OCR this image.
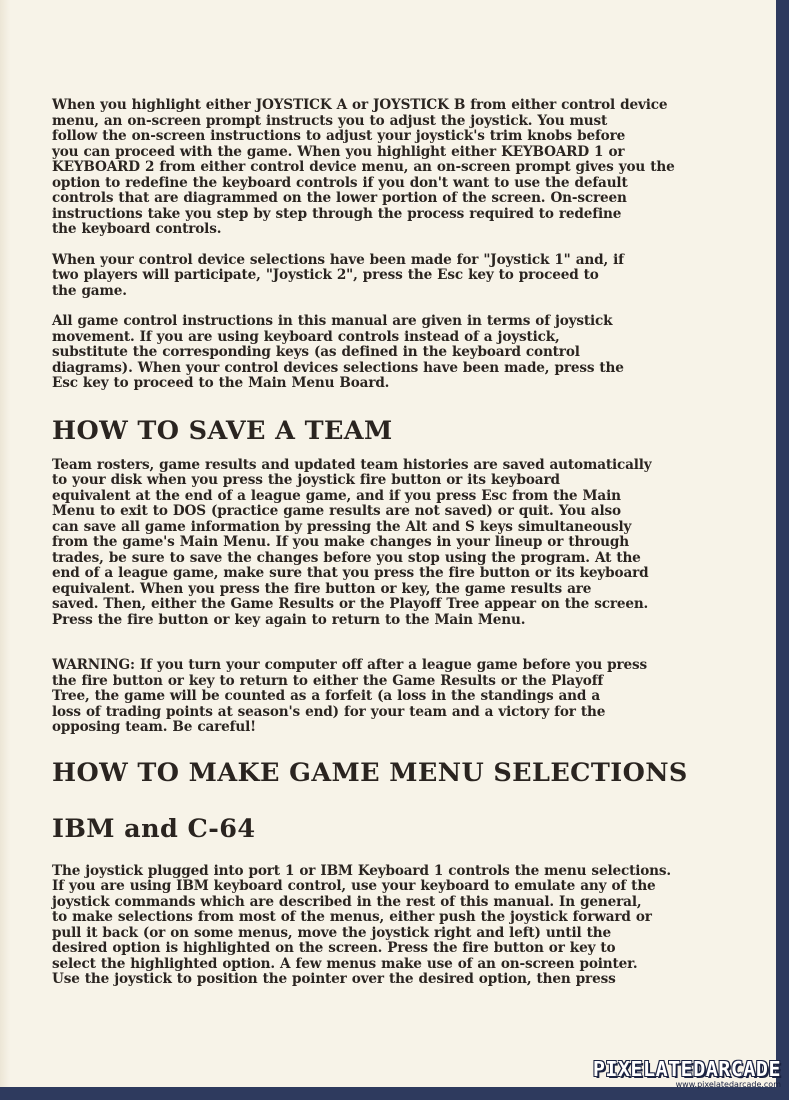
When you highlight either JOYSTICK A or JOYSTICK B from either control device
menu, an on-screen prompt instructs you to adjust the joystick. You must
follow the on-screen instructions to adjust your joystick's trim knobs before
you can proceed with the game. When you highlight either KEYBOARD 1 or
KEYBOARD 2 from either control device menu, an on-screen prompt gives you the
option to redefine the keyboard controls if you don't want to use the default
controls that are diagrammed on the lower portion of the screen. On-screen
instructions take you step by step through the process required to redefine
the keyboard controls.

When your control device selections have been made for "Joystick 1" and, if
two players will participate, "Joystick 2", press the Esc key to proceed to
the game.

All game control instructions in this manual are given in terms of joystick
movement. If you are using keyboard controls instead of a joystick,
substitute the corresponding keys (as defined in the keyboard control
diagrams). When your control devices selections have been made, press the
Esc key to proceed to the Main Menu Board.

HOW TO SAVE A TEAM

Team rosters, game results and updated team histories are saved automatically
to your disk when you press the joystick fire button or its keyboard
equivalent at the end of a league game, and if you press Esc from the Main
Menu to exit to DOS (practice game results are not saved) or quit. You also
can save all game information by pressing the Alt and S keys simultaneously
from the game's Main Menu. If you make changes in your lineup or through
trades, be sure to save the changes before you stop using the program. At the
end of a league game, make sure that you press the fire button or its keyboard
equivalent. When you press the fire button or key, the game results are
saved. Then, either the Game Results or the Playoff Tree appear on the screen.
Press the fire button or key again to return to the Main Menu.

WARNING: If you turn your computer off after a league game before you press
the fire button or key to return to either the Game Results or the Playoff
Tree, the game will be counted as a forfeit (a loss in the standings and a
loss of trading points at season's end) for your team and a victory for the
opposing team. Be careful!

HOW TO MAKE GAME MENU SELECTIONS
IBM and C-64

The joystick plugged into port 1 or IBM Keyboard 1 controls the menu selections.
If you are using IBM keyboard control, use your keyboard to emulate any of the
joystick commands which are described in the rest of this manual. In general,
to make selections from most of the menus, either push the joystick forward or
pull it back (or on some menus, move the joystick right and left) until the
desired option is highlighted on the screen. Press the fire button or key to
select the highlighted option. A few menus make use of an on-screen pointer.
Use the joystick to position the pointer over the desired option, then press

PIXELATEDARCADE
www.pixelatedarcade.com
